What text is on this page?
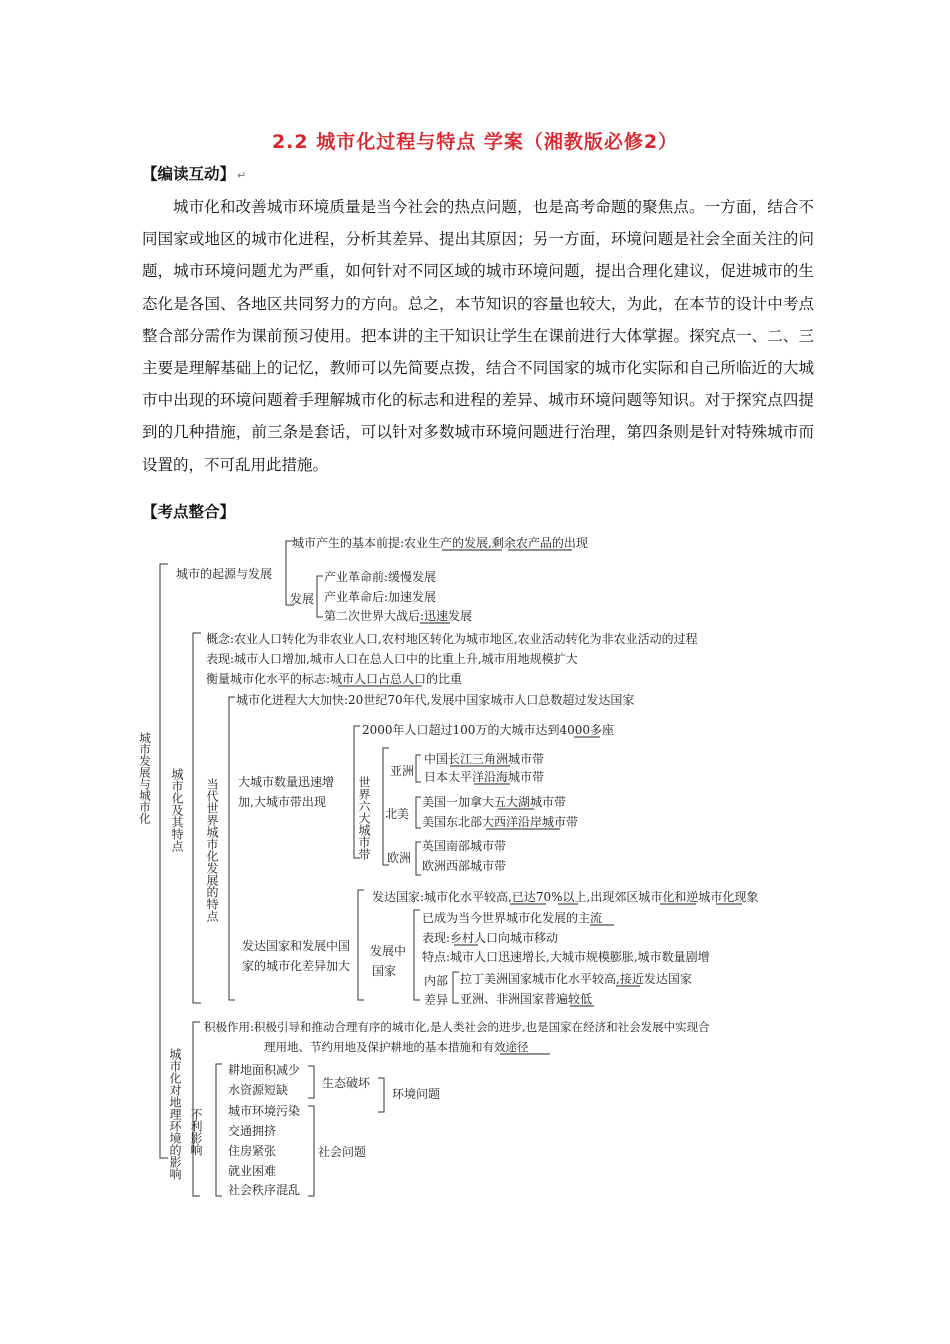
2.2 城市化过程与特点 学案（湘教版必修2）
【编读互动】 ↵

城市化和改善城市环境质量是当今社会的热点问题，也是高考命题的聚焦点。一方面，结合不同国家或地区的城市化进程，分析其差异、提出其原因；另一方面，环境问题是社会全面关注的问题，城市环境问题尤为严重，如何针对不同区域的城市环境问题，提出合理化建议，促进城市的生态化是各国、各地区共同努力的方向。总之，本节知识的容量也较大，为此，在本节的设计中考点整合部分需作为课前预习使用。把本讲的主干知识让学生在课前进行大体掌握。探究点一、二、三主要是理解基础上的记忆，教师可以先简要点拨，结合不同国家的城市化实际和自己所临近的大城市中出现的环境问题着手理解城市化的标志和进程的差异、城市环境问题等知识。对于探究点四提到的几种措施，前三条是套话，可以针对多数城市环境问题进行治理，第四条则是针对特殊城市而设置的，不可乱用此措施。

【考点整合】
城市发展与城市化
城市的起源与发展
城市产生的基本前提:农业生产的发展,剩余农产品的出现
发展
产业革命前:缓慢发展
产业革命后:加速发展
第二次世界大战后:迅速发展
城市化及其特点
概念:农业人口转化为非农业人口,农村地区转化为城市地区,农业活动转化为非农业活动的过程
表现:城市人口增加,城市人口在总人口中的比重上升,城市用地规模扩大
衡量城市化水平的标志:城市人口占总人口的比重
当代世界城市化发展的特点
城市化进程大大加快:20世纪70年代,发展中国家城市人口总数超过发达国家
大城市数量迅速增
加,大城市带出现
2000年人口超过100万的大城市达到4000多座
世界六大城市带
亚洲
中国长江三角洲城市带
日本太平洋沿海城市带
北美
美国一加拿大五大湖城市带
美国东北部大西洋沿岸城市带
欧洲
英国南部城市带
欧洲西部城市带
发达国家和发展中国
家的城市化差异加大
发达国家:城市化水平较高,已达70%以上,出现郊区城市化和逆城市化现象
发展中
国家
已成为当今世界城市化发展的主流
表现:乡村人口向城市移动
特点:城市人口迅速增长,大城市规模膨胀,城市数量剧增
内部
差异
拉丁美洲国家城市化水平较高,接近发达国家
亚洲、非洲国家普遍较低
城市化对地理环境的影响
积极作用:积极引导和推动合理有序的城市化,是人类社会的进步,也是国家在经济和社会发展中实现合
理用地、节约用地及保护耕地的基本措施和有效途径
不利影响
耕地面积减少
水资源短缺	生态破坏
环境问题
城市环境污染
交通拥挤
住房紧张
就业困难
社会秩序混乱
社会问题
